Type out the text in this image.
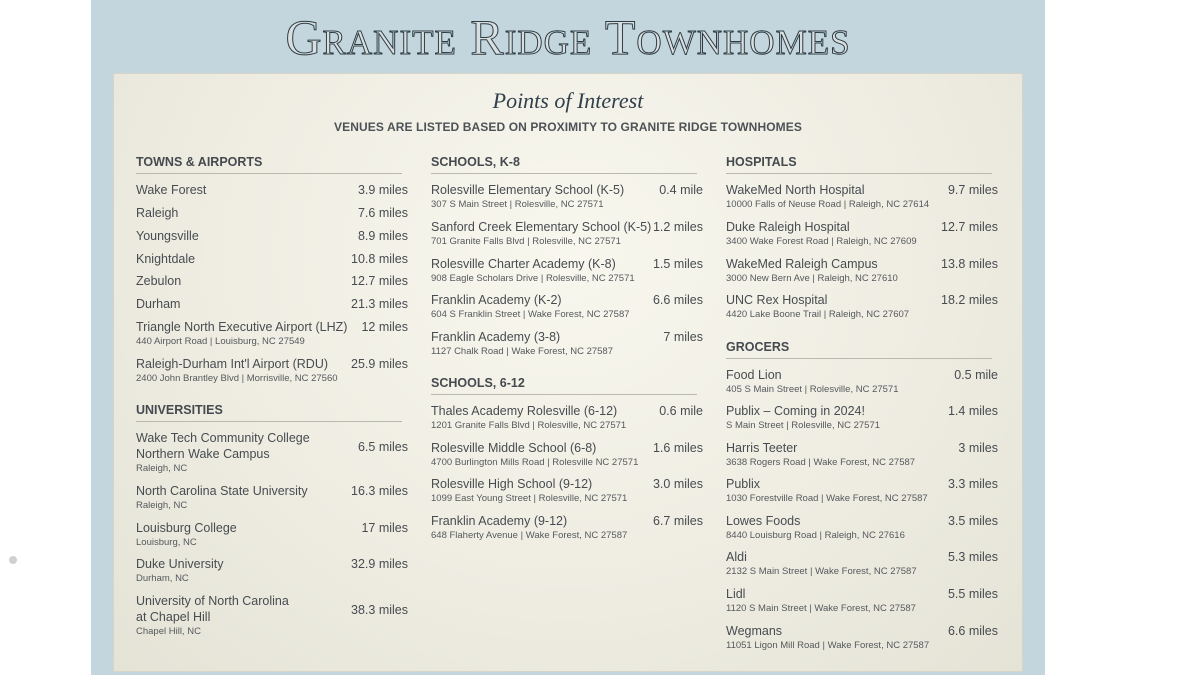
Granite Ridge Townhomes
Points of Interest
VENUES ARE LISTED BASED ON PROXIMITY TO GRANITE RIDGE TOWNHOMES
TOWNS & AIRPORTS
Wake Forest	3.9 miles
Raleigh	7.6 miles
Youngsville	8.9 miles
Knightdale	10.8 miles
Zebulon	12.7 miles
Durham	21.3 miles
Triangle North Executive Airport (LHZ) 12 miles
440 Airport Road | Louisburg, NC 27549
Raleigh-Durham Int'l Airport (RDU) 25.9 miles
2400 John Brantley Blvd | Morrisville, NC 27560
UNIVERSITIES
Wake Tech Community College
Northern Wake Campus	6.5 miles
Raleigh, NC
North Carolina State University	16.3 miles
Raleigh, NC
Louisburg College	17 miles
Louisburg, NC
Duke University	32.9 miles
Durham, NC
University of North Carolina
at Chapel Hill	38.3 miles
Chapel Hill, NC
SCHOOLS, K-8
Rolesville Elementary School (K-5)	0.4 mile
307 S Main Street | Rolesville, NC 27571
Sanford Creek Elementary School (K-5) 1.2 miles
701 Granite Falls Blvd | Rolesville, NC 27571
Rolesville Charter Academy (K-8)	1.5 miles
908 Eagle Scholars Drive | Rolesville, NC 27571
Franklin Academy (K-2)	6.6 miles
604 S Franklin Street | Wake Forest, NC 27587
Franklin Academy (3-8)	7 miles
1127 Chalk Road | Wake Forest, NC 27587
SCHOOLS, 6-12
Thales Academy Rolesville (6-12)	0.6 mile
1201 Granite Falls Blvd | Rolesville, NC 27571
Rolesville Middle School (6-8)	1.6 miles
4700 Burlington Mills Road | Rolesville NC 27571
Rolesville High School (9-12)	3.0 miles
1099 East Young Street | Rolesville, NC 27571
Franklin Academy (9-12)	6.7 miles
648 Flaherty Avenue | Wake Forest, NC 27587
HOSPITALS
WakeMed North Hospital	9.7 miles
10000 Falls of Neuse Road | Raleigh, NC 27614
Duke Raleigh Hospital	12.7 miles
3400 Wake Forest Road | Raleigh, NC 27609
WakeMed Raleigh Campus	13.8 miles
3000 New Bern Ave | Raleigh, NC 27610
UNC Rex Hospital	18.2 miles
4420 Lake Boone Trail | Raleigh, NC 27607
GROCERS
Food Lion	0.5 mile
405 S Main Street | Rolesville, NC 27571
Publix – Coming in 2024!	1.4 miles
S Main Street | Rolesville, NC 27571
Harris Teeter	3 miles
3638 Rogers Road | Wake Forest, NC 27587
Publix	3.3 miles
1030 Forestville Road | Wake Forest, NC 27587
Lowes Foods	3.5 miles
8440 Louisburg Road | Raleigh, NC 27616
Aldi	5.3 miles
2132 S Main Street | Wake Forest, NC 27587
Lidl	5.5 miles
1120 S Main Street | Wake Forest, NC 27587
Wegmans	6.6 miles
11051 Ligon Mill Road | Wake Forest, NC 27587
